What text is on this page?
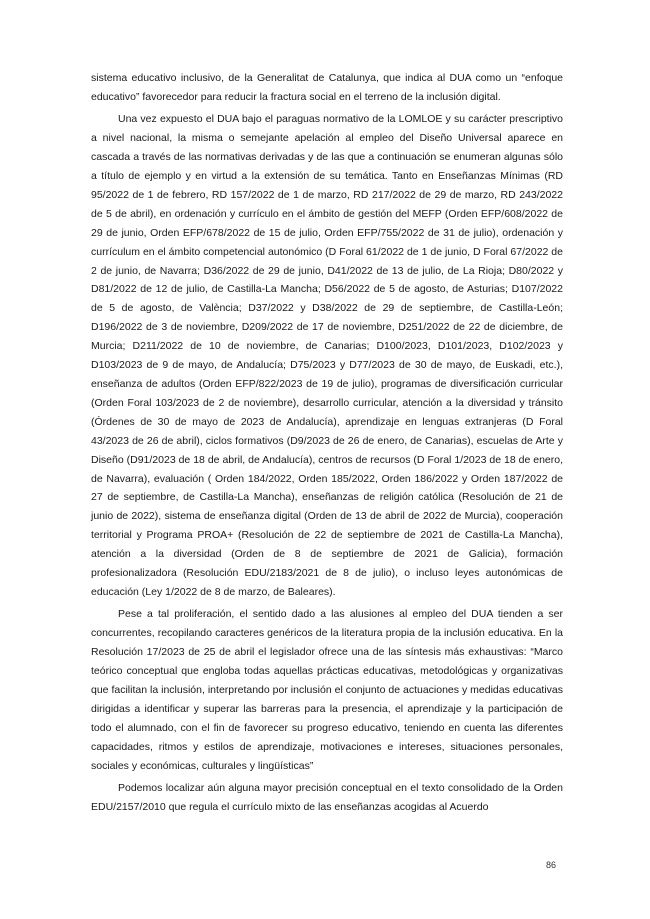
sistema educativo inclusivo, de la Generalitat de Catalunya, que indica al DUA como un “enfoque educativo” favorecedor para reducir la fractura social en el terreno de la inclusión digital.

Una vez expuesto el DUA bajo el paraguas normativo de la LOMLOE y su carácter prescriptivo a nivel nacional, la misma o semejante apelación al empleo del Diseño Universal aparece en cascada a través de las normativas derivadas y de las que a continuación se enumeran algunas sólo a título de ejemplo y en virtud a la extensión de su temática. Tanto en Enseñanzas Mínimas (RD 95/2022 de 1 de febrero, RD 157/2022 de 1 de marzo, RD 217/2022 de 29 de marzo, RD 243/2022 de 5 de abril), en ordenación y currículo en el ámbito de gestión del MEFP (Orden EFP/608/2022 de 29 de junio, Orden EFP/678/2022 de 15 de julio, Orden EFP/755/2022 de 31 de julio), ordenación y currículum en el ámbito competencial autonómico (D Foral 61/2022 de 1 de junio, D Foral 67/2022 de 2 de junio, de Navarra; D36/2022 de 29 de junio, D41/2022 de 13 de julio, de La Rioja; D80/2022 y D81/2022 de 12 de julio, de Castilla-La Mancha; D56/2022 de 5 de agosto, de Asturias; D107/2022 de 5 de agosto, de València; D37/2022 y D38/2022 de 29 de septiembre, de Castilla-León; D196/2022 de 3 de noviembre, D209/2022 de 17 de noviembre, D251/2022 de 22 de diciembre, de Murcia; D211/2022 de 10 de noviembre, de Canarias; D100/2023, D101/2023, D102/2023 y D103/2023 de 9 de mayo, de Andalucía; D75/2023 y D77/2023 de 30 de mayo, de Euskadi, etc.), enseñanza de adultos (Orden EFP/822/2023 de 19 de julio), programas de diversificación curricular (Orden Foral 103/2023 de 2 de noviembre), desarrollo curricular, atención a la diversidad y tránsito (Órdenes de 30 de mayo de 2023 de Andalucía), aprendizaje en lenguas extranjeras (D Foral 43/2023 de 26 de abril), ciclos formativos (D9/2023 de 26 de enero, de Canarias), escuelas de Arte y Diseño (D91/2023 de 18 de abril, de Andalucía), centros de recursos (D Foral 1/2023 de 18 de enero, de Navarra), evaluación ( Orden 184/2022, Orden 185/2022, Orden 186/2022 y Orden 187/2022 de 27 de septiembre, de Castilla-La Mancha), enseñanzas de religión católica (Resolución de 21 de junio de 2022), sistema de enseñanza digital (Orden de 13 de abril de 2022 de Murcia), cooperación territorial y Programa PROA+ (Resolución de 22 de septiembre de 2021 de Castilla-La Mancha), atención a la diversidad (Orden de 8 de septiembre de 2021 de Galicia), formación profesionalizadora (Resolución EDU/2183/2021 de 8 de julio), o incluso leyes autonómicas de educación (Ley 1/2022 de 8 de marzo, de Baleares).

Pese a tal proliferación, el sentido dado a las alusiones al empleo del DUA tienden a ser concurrentes, recopilando caracteres genéricos de la literatura propia de la inclusión educativa. En la Resolución 17/2023 de 25 de abril el legislador ofrece una de las síntesis más exhaustivas: “Marco teórico conceptual que engloba todas aquellas prácticas educativas, metodológicas y organizativas que facilitan la inclusión, interpretando por inclusión el conjunto de actuaciones y medidas educativas dirigidas a identificar y superar las barreras para la presencia, el aprendizaje y la participación de todo el alumnado, con el fin de favorecer su progreso educativo, teniendo en cuenta las diferentes capacidades, ritmos y estilos de aprendizaje, motivaciones e intereses, situaciones personales, sociales y económicas, culturales y lingüísticas”

Podemos localizar aún alguna mayor precisión conceptual en el texto consolidado de la Orden EDU/2157/2010 que regula el currículo mixto de las enseñanzas acogidas al Acuerdo

86
